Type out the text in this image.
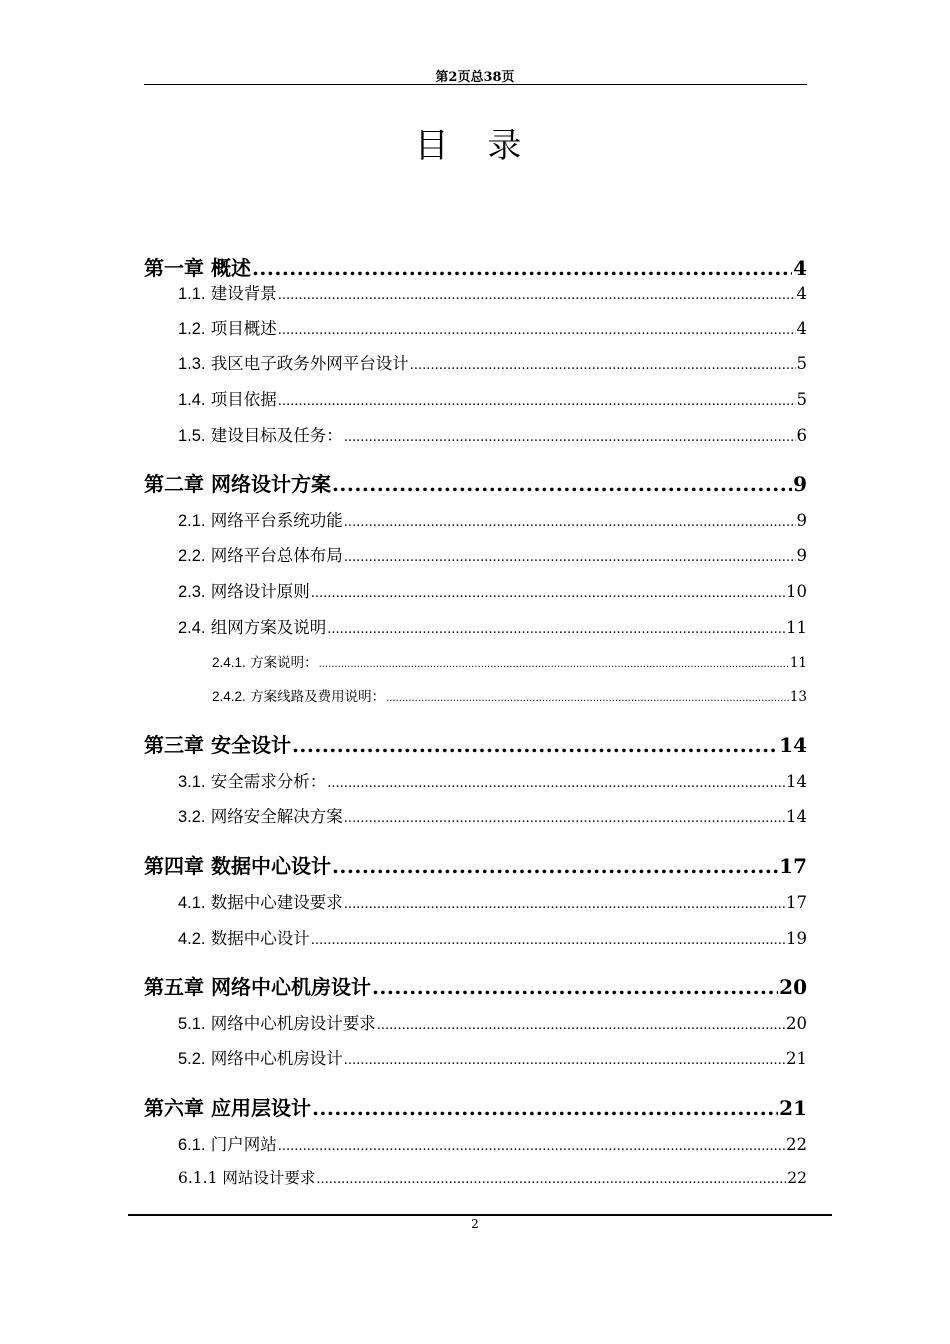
第2页总38页
目 录
第一章 概述 .....	4
1.1. 建设背景 .....	4
1.2. 项目概述 .....	4
1.3. 我区电子政务外网平台设计 .....	5
1.4. 项目依据 .....	5
1.5. 建设目标及任务： .....	6
第二章 网络设计方案 .....	9
2.1. 网络平台系统功能 .....	9
2.2. 网络平台总体布局 .....	9
2.3. 网络设计原则 .....	10
2.4. 组网方案及说明 .....	11
2.4.1. 方案说明： .....	11
2.4.2. 方案线路及费用说明： .....	13
第三章 安全设计 .....	14
3.1. 安全需求分析： .....	14
3.2. 网络安全解决方案 .....	14
第四章 数据中心设计 .....	17
4.1. 数据中心建设要求 .....	17
4.2. 数据中心设计 .....	19
第五章 网络中心机房设计 .....	20
5.1. 网络中心机房设计要求 .....	20
5.2. 网络中心机房设计 .....	21
第六章 应用层设计 .....	21
6.1. 门户网站 .....	22
6.1.1 网站设计要求 .....	22
2
